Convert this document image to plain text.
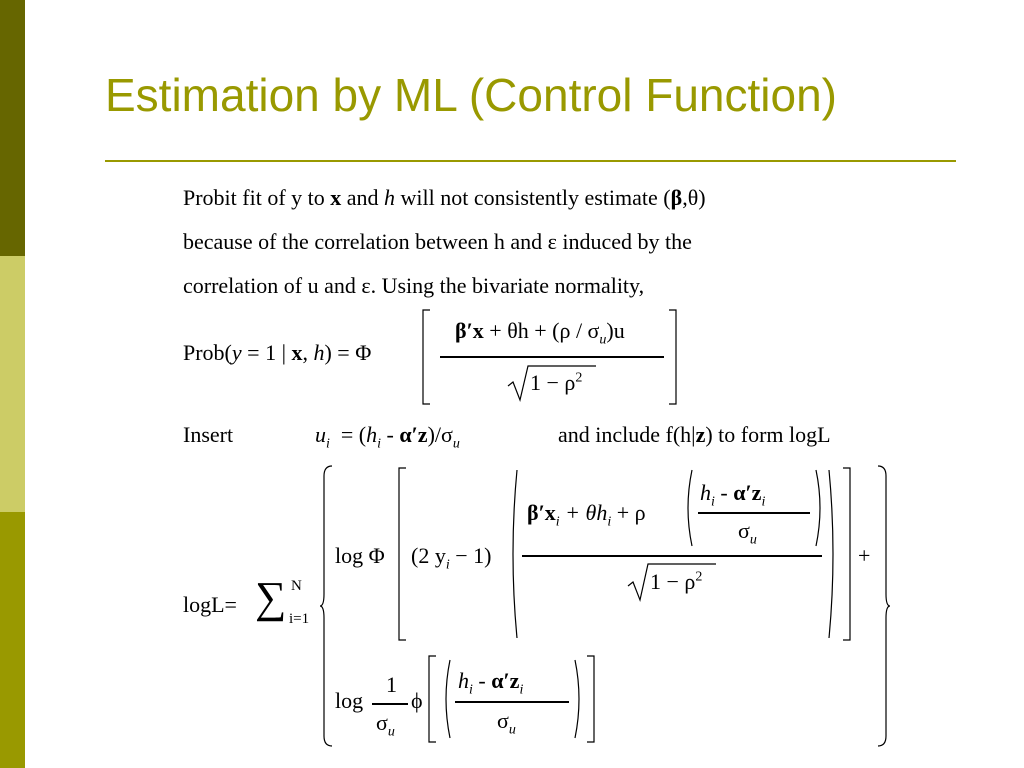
Estimation by ML (Control Function)
Probit fit of y to x and h will not consistently estimate (β,θ)
because of the correlation between h and ε induced by the
correlation of u and ε. Using the bivariate normality,
Prob(y = 1 | x, h) = Φ
$\beta'x + \theta h + (\rho / \sigma_u)u$
$1 - \rho^2$
Insert	$u_i = (h_i - \alpha'z)/\sigma_u$	and include f(h|z) to form logL
logL= ∑ N
i=1
log Φ (2 $y_i - 1$)
$\beta'x_i + \theta h_i + \rho$
$h_i - \alpha'z_i$
$\sigma_u$
$1 - \rho^2$
+
log
1
$\sigma_u$
ϕ
$h_i - \alpha'z_i$
$\sigma_u$
